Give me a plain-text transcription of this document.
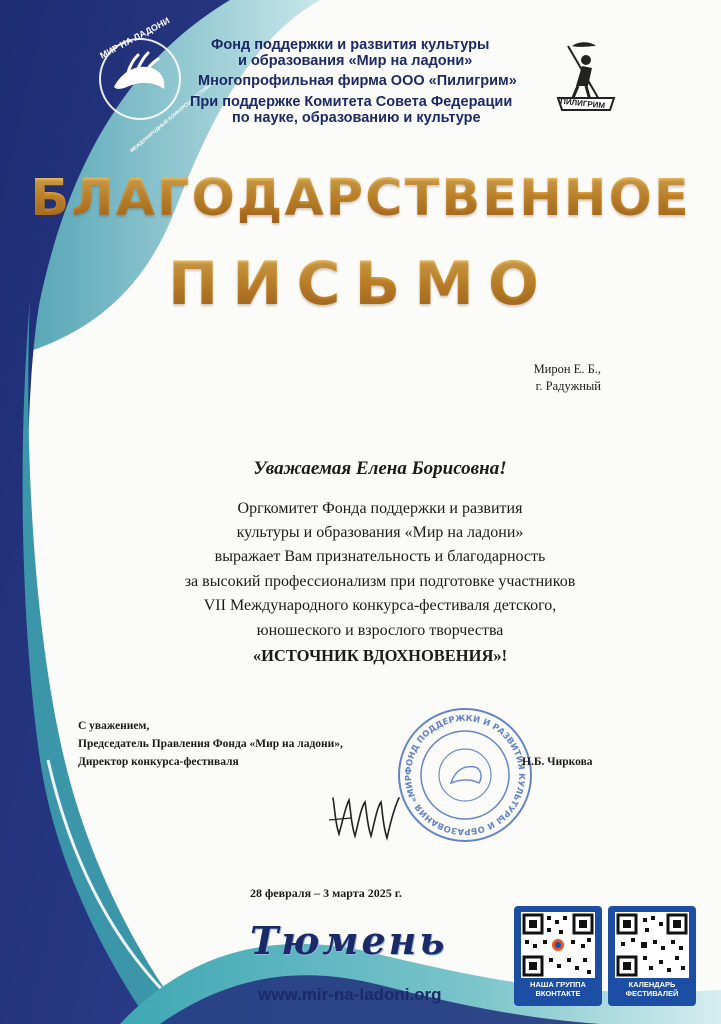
МИР НА ЛАДОНИ
МЕЖДУНАРОДНЫЕ КОНКУРСЫ ФЕСТИВАЛИ
Фонд поддержки и развития культуры
и образования «Мир на ладони»
Многопрофильная фирма ООО «Пилигрим»
При поддержке Комитета Совета Федерации
по науке, образованию и культуре
ПИЛИГРИМ
БЛАГОДАРСТВЕННОЕ
ПИСЬМО
Мирон Е. Б.,
г. Радужный
Уважаемая Елена Борисовна!
Оргкомитет Фонда поддержки и развития
культуры и образования «Мир на ладони»
выражает Вам признательность и благодарность
за высокий профессионализм при подготовке участников
VII Международного конкурса-фестиваля детского,
юношеского и взрослого творчества
«ИСТОЧНИК ВДОХНОВЕНИЯ»!
ФОНД ПОДДЕРЖКИ И РАЗВИТИЯ КУЛЬТУРЫ И ОБРАЗОВАНИЯ «МИР
С уважением,
Председатель Правления Фонда «Мир на ладони»,
Директор конкурса-фестиваля	Н.Б. Чиркова
28 февраля – 3 марта 2025 г.
Тюмень
www.mir-na-ladoni.org
НАША ГРУППА ВКОНТАКТЕ
КАЛЕНДАРЬ ФЕСТИВАЛЕЙ
